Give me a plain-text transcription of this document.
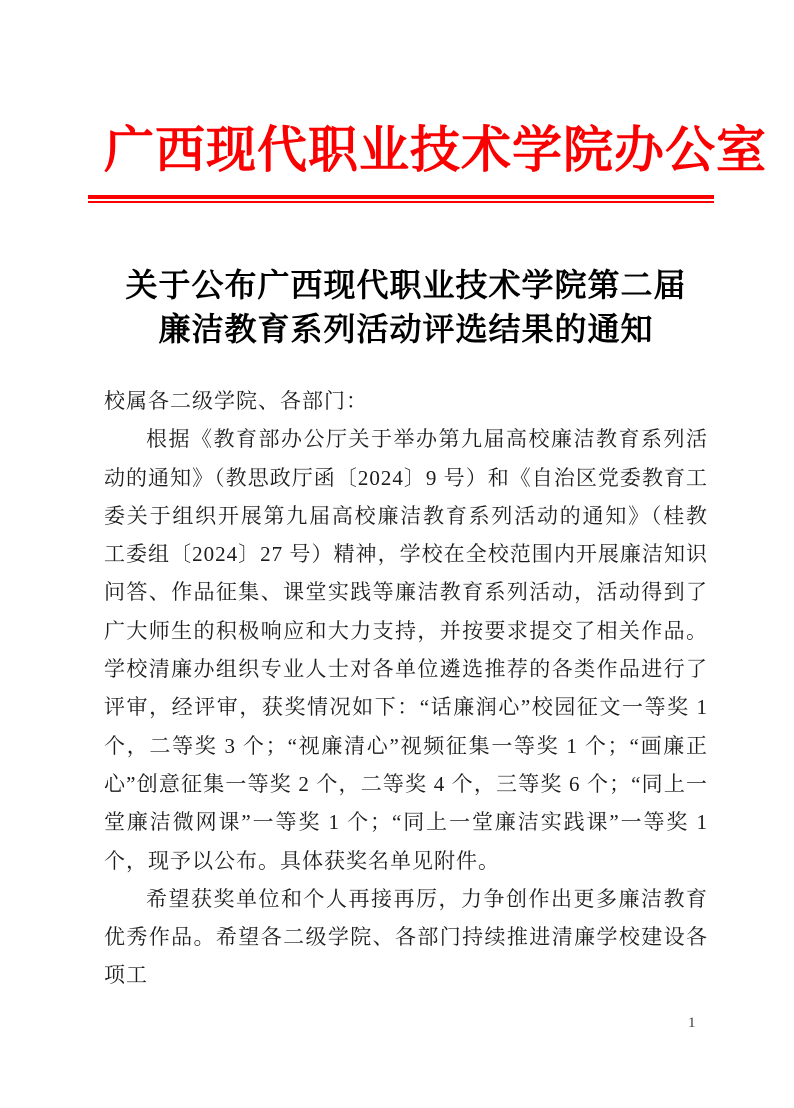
广西现代职业技术学院办公室
关于公布广西现代职业技术学院第二届
廉洁教育系列活动评选结果的通知

校属各二级学院、各部门：

根据《教育部办公厅关于举办第九届高校廉洁教育系列活动的通知》（教思政厅函〔2024〕9 号）和《自治区党委教育工委关于组织开展第九届高校廉洁教育系列活动的通知》（桂教工委组〔2024〕27 号）精神，学校在全校范围内开展廉洁知识问答、作品征集、课堂实践等廉洁教育系列活动，活动得到了广大师生的积极响应和大力支持，并按要求提交了相关作品。学校清廉办组织专业人士对各单位遴选推荐的各类作品进行了评审，经评审，获奖情况如下：“话廉润心”校园征文一等奖 1 个，二等奖 3 个；“视廉清心”视频征集一等奖 1 个；“画廉正心”创意征集一等奖 2 个，二等奖 4 个，三等奖 6 个；“同上一堂廉洁微网课”一等奖 1 个；“同上一堂廉洁实践课”一等奖 1 个，现予以公布。具体获奖名单见附件。

希望获奖单位和个人再接再厉，力争创作出更多廉洁教育优秀作品。希望各二级学院、各部门持续推进清廉学校建设各项工

1
